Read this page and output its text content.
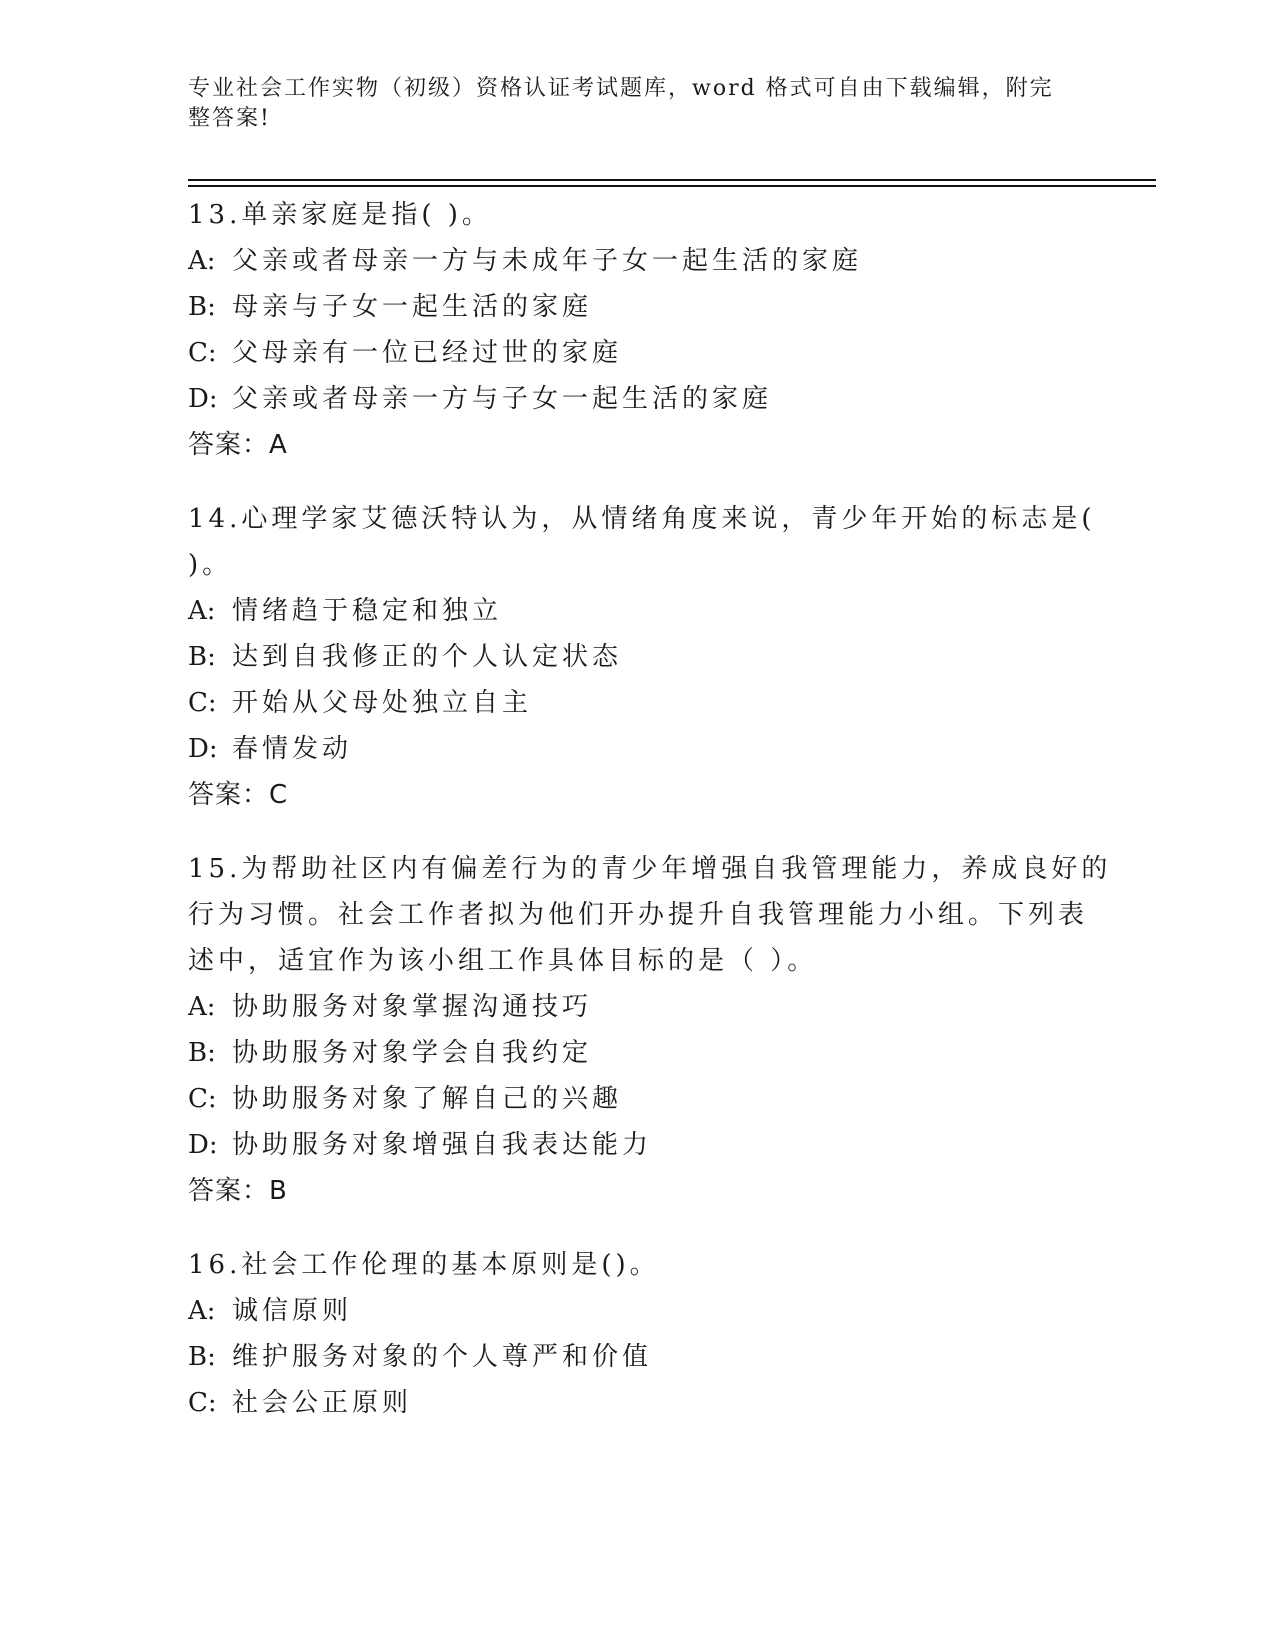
专业社会工作实物（初级）资格认证考试题库，word 格式可自由下载编辑，附完
整答案!
13.单亲家庭是指( )。
A: 父亲或者母亲一方与未成年子女一起生活的家庭
B: 母亲与子女一起生活的家庭
C: 父母亲有一位已经过世的家庭
D: 父亲或者母亲一方与子女一起生活的家庭
答案：A
14.心理学家艾德沃特认为，从情绪角度来说，青少年开始的标志是(
)。
A: 情绪趋于稳定和独立
B: 达到自我修正的个人认定状态
C: 开始从父母处独立自主
D: 春情发动
答案：C
15.为帮助社区内有偏差行为的青少年增强自我管理能力，养成良好的
行为习惯。社会工作者拟为他们开办提升自我管理能力小组。下列表
述中，适宜作为该小组工作具体目标的是（ ）。
A: 协助服务对象掌握沟通技巧
B: 协助服务对象学会自我约定
C: 协助服务对象了解自己的兴趣
D: 协助服务对象增强自我表达能力
答案：B
16.社会工作伦理的基本原则是()。
A: 诚信原则
B: 维护服务对象的个人尊严和价值
C: 社会公正原则
